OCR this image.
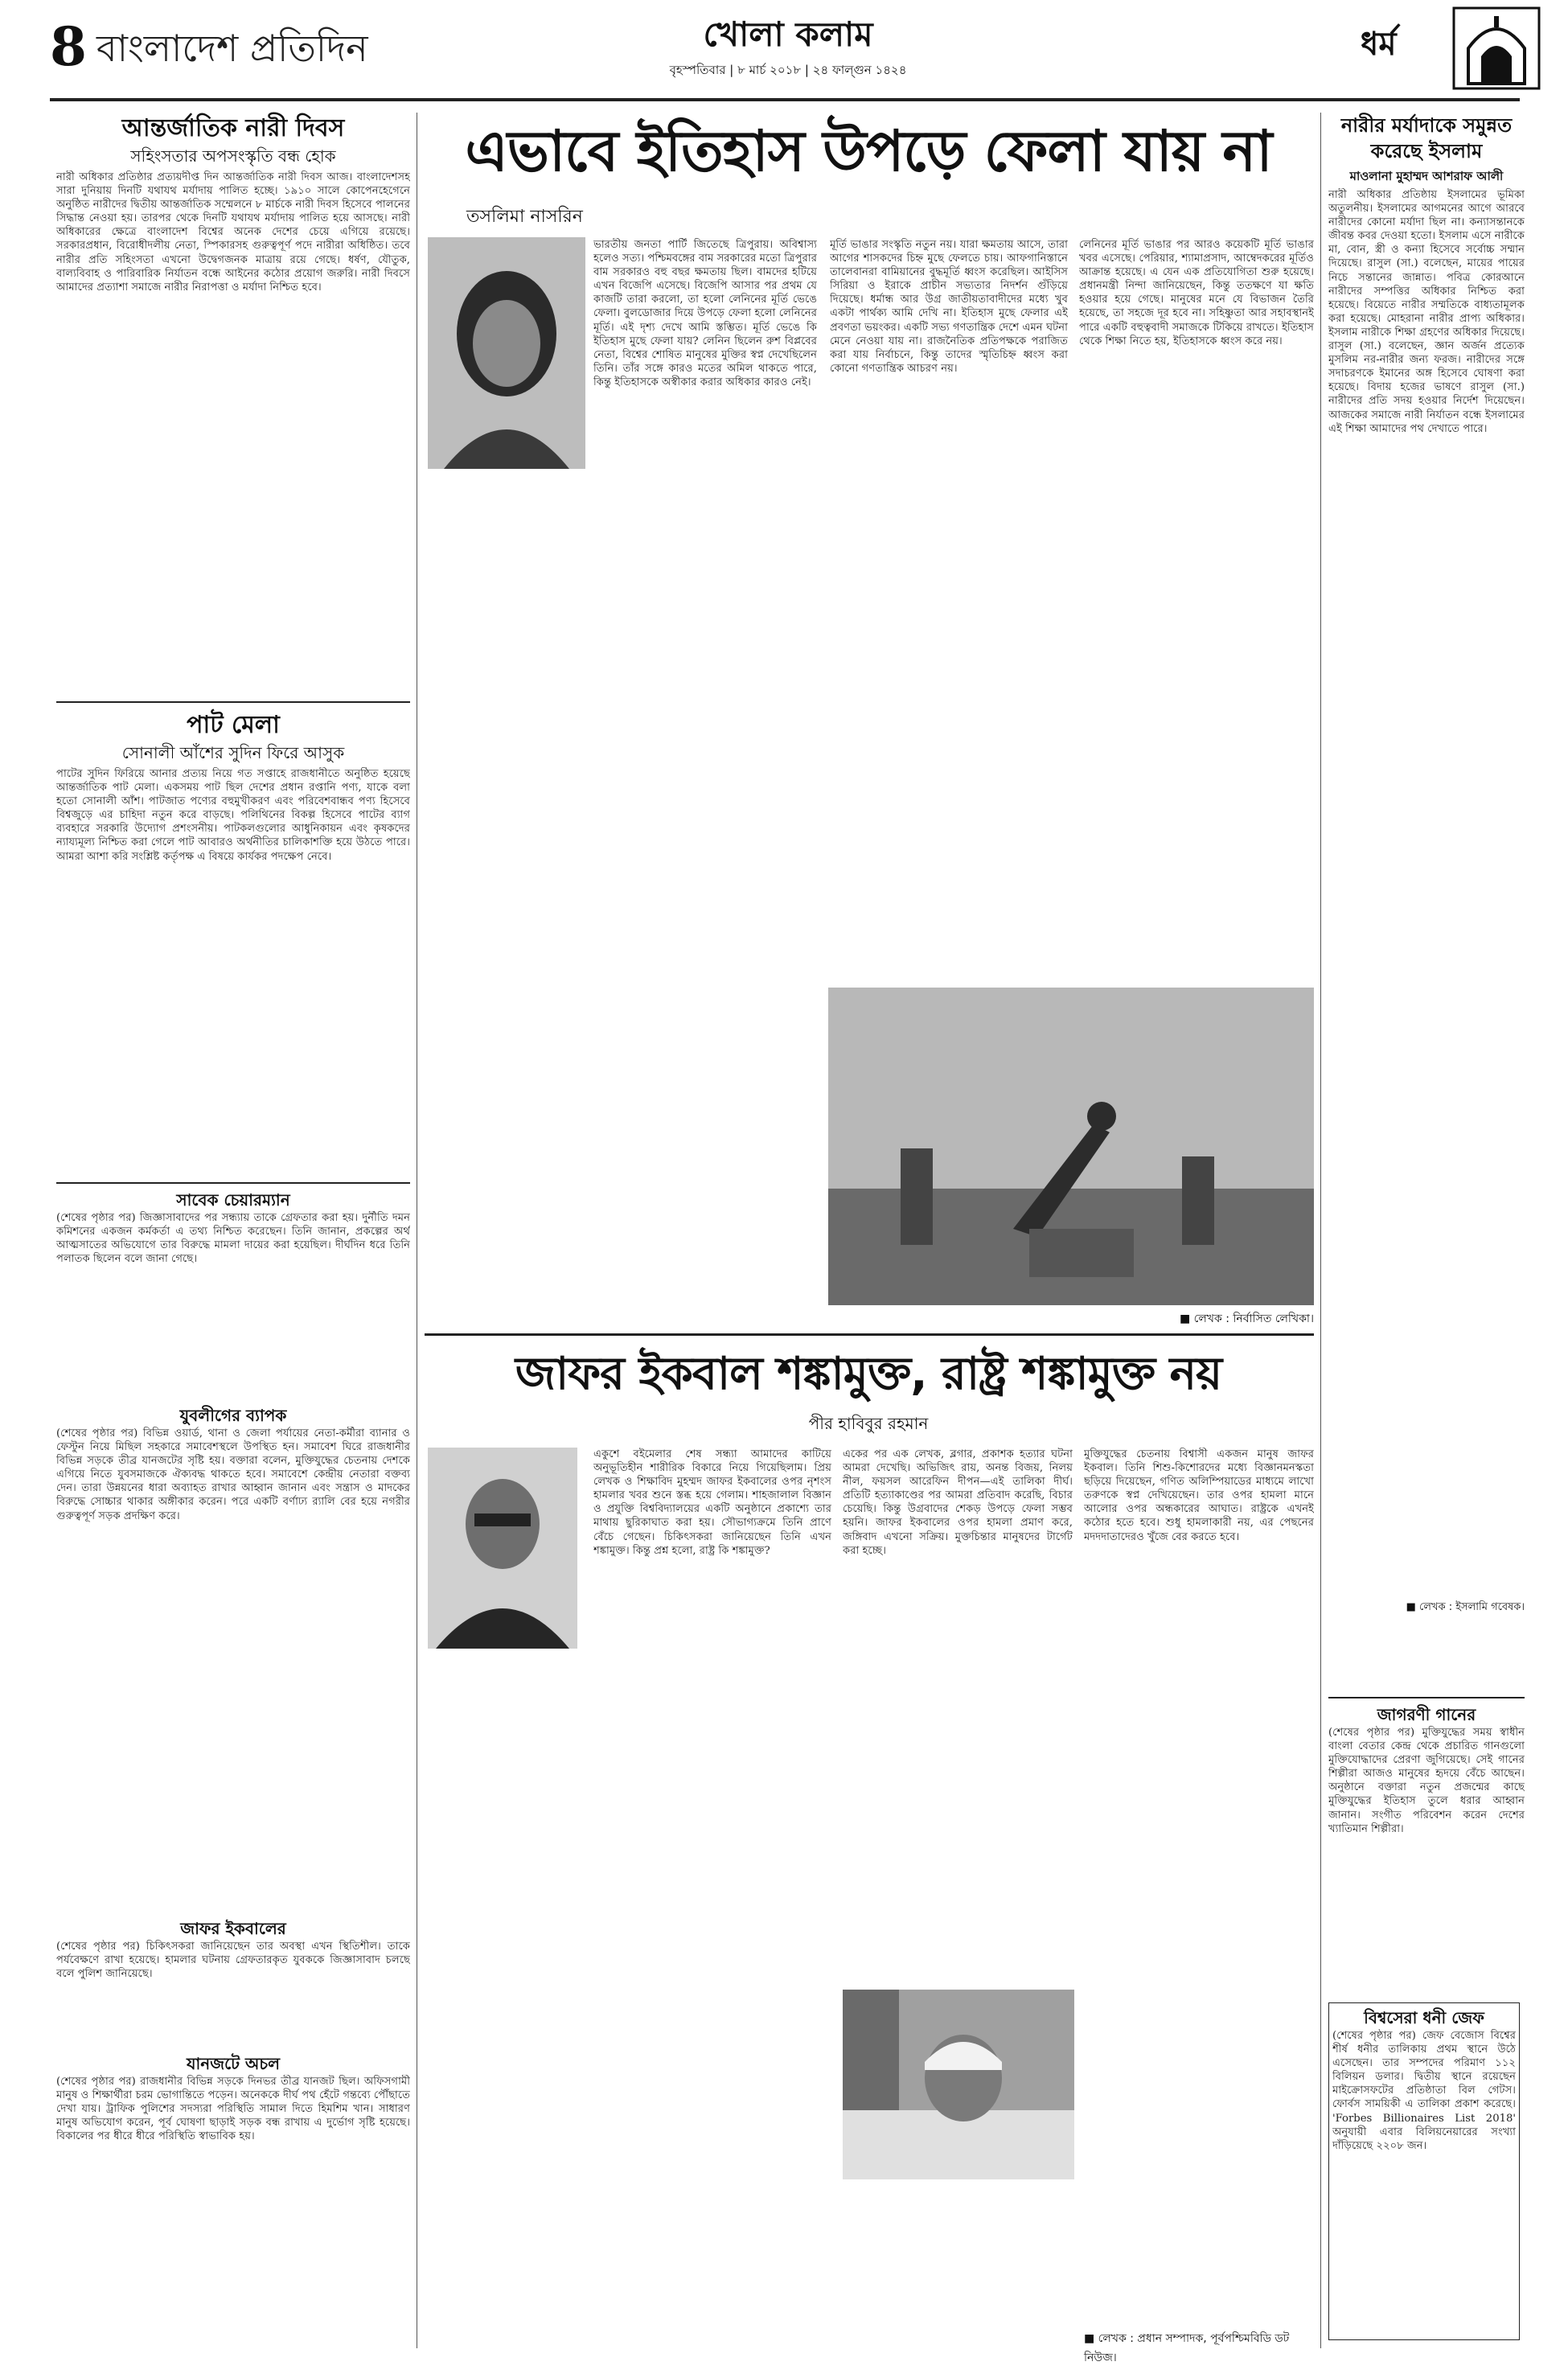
8 বাংলাদেশ প্রতিদিন	খোলা কলাম
বৃহস্পতিবার | ৮ মার্চ ২০১৮ | ২৪ ফাল্গুন ১৪২৪
ধর্ম
আন্তর্জাতিক নারী দিবস
সহিংসতার অপসংস্কৃতি বন্ধ হোক
নারী অধিকার প্রতিষ্ঠার প্রত্যয়দীপ্ত দিন আন্তর্জাতিক নারী দিবস আজ। বাংলাদেশসহ সারা দুনিয়ায় দিনটি যথাযথ মর্যাদায় পালিত হচ্ছে। ১৯১০ সালে কোপেনহেগেনে অনুষ্ঠিত নারীদের দ্বিতীয় আন্তর্জাতিক সম্মেলনে ৮ মার্চকে নারী দিবস হিসেবে পালনের সিদ্ধান্ত নেওয়া হয়। তারপর থেকে দিনটি যথাযথ মর্যাদায় পালিত হয়ে আসছে। নারী অধিকারের ক্ষেত্রে বাংলাদেশ বিশ্বের অনেক দেশের চেয়ে এগিয়ে রয়েছে। সরকারপ্রধান, বিরোধীদলীয় নেতা, স্পিকারসহ গুরুত্বপূর্ণ পদে নারীরা অধিষ্ঠিত। তবে নারীর প্রতি সহিংসতা এখনো উদ্বেগজনক মাত্রায় রয়ে গেছে। ধর্ষণ, যৌতুক, বাল্যবিবাহ ও পারিবারিক নির্যাতন বন্ধে আইনের কঠোর প্রয়োগ জরুরি। নারী দিবসে আমাদের প্রত্যাশা সমাজে নারীর নিরাপত্তা ও মর্যাদা নিশ্চিত হবে।
পাট মেলা
সোনালী আঁশের সুদিন ফিরে আসুক
পাটের সুদিন ফিরিয়ে আনার প্রত্যয় নিয়ে গত সপ্তাহে রাজধানীতে অনুষ্ঠিত হয়েছে আন্তর্জাতিক পাট মেলা। একসময় পাট ছিল দেশের প্রধান রপ্তানি পণ্য, যাকে বলা হতো সোনালী আঁশ। পাটজাত পণ্যের বহুমুখীকরণ এবং পরিবেশবান্ধব পণ্য হিসেবে বিশ্বজুড়ে এর চাহিদা নতুন করে বাড়ছে। পলিথিনের বিকল্প হিসেবে পাটের ব্যাগ ব্যবহারে সরকারি উদ্যোগ প্রশংসনীয়। পাটকলগুলোর আধুনিকায়ন এবং কৃষকদের ন্যায্যমূল্য নিশ্চিত করা গেলে পাট আবারও অর্থনীতির চালিকাশক্তি হয়ে উঠতে পারে। আমরা আশা করি সংশ্লিষ্ট কর্তৃপক্ষ এ বিষয়ে কার্যকর পদক্ষেপ নেবে।
সাবেক চেয়ারম্যান
(শেষের পৃষ্ঠার পর) জিজ্ঞাসাবাদের পর সন্ধ্যায় তাকে গ্রেফতার করা হয়। দুর্নীতি দমন কমিশনের একজন কর্মকর্তা এ তথ্য নিশ্চিত করেছেন। তিনি জানান, প্রকল্পের অর্থ আত্মসাতের অভিযোগে তার বিরুদ্ধে মামলা দায়ের করা হয়েছিল। দীর্ঘদিন ধরে তিনি পলাতক ছিলেন বলে জানা গেছে।
যুবলীগের ব্যাপক
(শেষের পৃষ্ঠার পর) বিভিন্ন ওয়ার্ড, থানা ও জেলা পর্যায়ের নেতা-কর্মীরা ব্যানার ও ফেস্টুন নিয়ে মিছিল সহকারে সমাবেশস্থলে উপস্থিত হন। সমাবেশ ঘিরে রাজধানীর বিভিন্ন সড়কে তীব্র যানজটের সৃষ্টি হয়। বক্তারা বলেন, মুক্তিযুদ্ধের চেতনায় দেশকে এগিয়ে নিতে যুবসমাজকে ঐক্যবদ্ধ থাকতে হবে। সমাবেশে কেন্দ্রীয় নেতারা বক্তব্য দেন। তারা উন্নয়নের ধারা অব্যাহত রাখার আহ্বান জানান এবং সন্ত্রাস ও মাদকের বিরুদ্ধে সোচ্চার থাকার অঙ্গীকার করেন। পরে একটি বর্ণাঢ্য র‍্যালি বের হয়ে নগরীর গুরুত্বপূর্ণ সড়ক প্রদক্ষিণ করে।
জাফর ইকবালের
(শেষের পৃষ্ঠার পর) চিকিৎসকরা জানিয়েছেন তার অবস্থা এখন স্থিতিশীল। তাকে পর্যবেক্ষণে রাখা হয়েছে। হামলার ঘটনায় গ্রেফতারকৃত যুবককে জিজ্ঞাসাবাদ চলছে বলে পুলিশ জানিয়েছে।
যানজটে অচল
(শেষের পৃষ্ঠার পর) রাজধানীর বিভিন্ন সড়কে দিনভর তীব্র যানজট ছিল। অফিসগামী মানুষ ও শিক্ষার্থীরা চরম ভোগান্তিতে পড়েন। অনেককে দীর্ঘ পথ হেঁটে গন্তব্যে পৌঁছাতে দেখা যায়। ট্রাফিক পুলিশের সদস্যরা পরিস্থিতি সামাল দিতে হিমশিম খান। সাধারণ মানুষ অভিযোগ করেন, পূর্ব ঘোষণা ছাড়াই সড়ক বন্ধ রাখায় এ দুর্ভোগ সৃষ্টি হয়েছে। বিকালের পর ধীরে ধীরে পরিস্থিতি স্বাভাবিক হয়।
এভাবে ইতিহাস উপড়ে ফেলা যায় না
তসলিমা নাসরিন
ভারতীয় জনতা পার্টি জিতেছে ত্রিপুরায়। অবিশ্বাস্য হলেও সত্য। পশ্চিমবঙ্গের বাম সরকারের মতো ত্রিপুরার বাম সরকারও বহু বছর ক্ষমতায় ছিল। বামদের হটিয়ে এখন বিজেপি এসেছে। বিজেপি আসার পর প্রথম যে কাজটি তারা করলো, তা হলো লেনিনের মূর্তি ভেঙে ফেলা। বুলডোজার দিয়ে উপড়ে ফেলা হলো লেনিনের মূর্তি। এই দৃশ্য দেখে আমি স্তম্ভিত। মূর্তি ভেঙে কি ইতিহাস মুছে ফেলা যায়? লেনিন ছিলেন রুশ বিপ্লবের নেতা, বিশ্বের শোষিত মানুষের মুক্তির স্বপ্ন দেখেছিলেন তিনি। তাঁর সঙ্গে কারও মতের অমিল থাকতে পারে, কিন্তু ইতিহাসকে অস্বীকার করার অধিকার কারও নেই।
মূর্তি ভাঙার সংস্কৃতি নতুন নয়। যারা ক্ষমতায় আসে, তারা আগের শাসকদের চিহ্ন মুছে ফেলতে চায়। আফগানিস্তানে তালেবানরা বামিয়ানের বুদ্ধমূর্তি ধ্বংস করেছিল। আইসিস সিরিয়া ও ইরাকে প্রাচীন সভ্যতার নিদর্শন গুঁড়িয়ে দিয়েছে। ধর্মান্ধ আর উগ্র জাতীয়তাবাদীদের মধ্যে খুব একটা পার্থক্য আমি দেখি না। ইতিহাস মুছে ফেলার এই প্রবণতা ভয়ংকর। একটি সভ্য গণতান্ত্রিক দেশে এমন ঘটনা মেনে নেওয়া যায় না। রাজনৈতিক প্রতিপক্ষকে পরাজিত করা যায় নির্বাচনে, কিন্তু তাদের স্মৃতিচিহ্ন ধ্বংস করা কোনো গণতান্ত্রিক আচরণ নয়।
লেনিনের মূর্তি ভাঙার পর আরও কয়েকটি মূর্তি ভাঙার খবর এসেছে। পেরিয়ার, শ্যামাপ্রসাদ, আম্বেদকরের মূর্তিও আক্রান্ত হয়েছে। এ যেন এক প্রতিযোগিতা শুরু হয়েছে। প্রধানমন্ত্রী নিন্দা জানিয়েছেন, কিন্তু ততক্ষণে যা ক্ষতি হওয়ার হয়ে গেছে। মানুষের মনে যে বিভাজন তৈরি হয়েছে, তা সহজে দূর হবে না। সহিষ্ণুতা আর সহাবস্থানই পারে একটি বহুত্ববাদী সমাজকে টিকিয়ে রাখতে। ইতিহাস থেকে শিক্ষা নিতে হয়, ইতিহাসকে ধ্বংস করে নয়।
■ লেখক : নির্বাসিত লেখিকা।
জাফর ইকবাল শঙ্কামুক্ত, রাষ্ট্র শঙ্কামুক্ত নয়
পীর হাবিবুর রহমান
একুশে বইমেলার শেষ সন্ধ্যা আমাদের কাটিয়ে অনুভূতিহীন শারীরিক বিকারে নিয়ে গিয়েছিলাম। প্রিয় লেখক ও শিক্ষাবিদ মুহম্মদ জাফর ইকবালের ওপর নৃশংস হামলার খবর শুনে স্তব্ধ হয়ে গেলাম। শাহজালাল বিজ্ঞান ও প্রযুক্তি বিশ্ববিদ্যালয়ের একটি অনুষ্ঠানে প্রকাশ্যে তার মাথায় ছুরিকাঘাত করা হয়। সৌভাগ্যক্রমে তিনি প্রাণে বেঁচে গেছেন। চিকিৎসকরা জানিয়েছেন তিনি এখন শঙ্কামুক্ত। কিন্তু প্রশ্ন হলো, রাষ্ট্র কি শঙ্কামুক্ত?
একের পর এক লেখক, ব্লগার, প্রকাশক হত্যার ঘটনা আমরা দেখেছি। অভিজিৎ রায়, অনন্ত বিজয়, নিলয় নীল, ফয়সল আরেফিন দীপন—এই তালিকা দীর্ঘ। প্রতিটি হত্যাকাণ্ডের পর আমরা প্রতিবাদ করেছি, বিচার চেয়েছি। কিন্তু উগ্রবাদের শেকড় উপড়ে ফেলা সম্ভব হয়নি। জাফর ইকবালের ওপর হামলা প্রমাণ করে, জঙ্গিবাদ এখনো সক্রিয়। মুক্তচিন্তার মানুষদের টার্গেট করা হচ্ছে।
মুক্তিযুদ্ধের চেতনায় বিশ্বাসী একজন মানুষ জাফর ইকবাল। তিনি শিশু-কিশোরদের মধ্যে বিজ্ঞানমনস্কতা ছড়িয়ে দিয়েছেন, গণিত অলিম্পিয়াডের মাধ্যমে লাখো তরুণকে স্বপ্ন দেখিয়েছেন। তার ওপর হামলা মানে আলোর ওপর অন্ধকারের আঘাত। রাষ্ট্রকে এখনই কঠোর হতে হবে। শুধু হামলাকারী নয়, এর পেছনের মদদদাতাদেরও খুঁজে বের করতে হবে।
■ লেখক : প্রধান সম্পাদক, পূর্বপশ্চিমবিডি ডট নিউজ।
নারীর মর্যাদাকে সমুন্নত করেছে ইসলাম
মাওলানা মুহাম্মদ আশরাফ আলী
নারী অধিকার প্রতিষ্ঠায় ইসলামের ভূমিকা অতুলনীয়। ইসলামের আগমনের আগে আরবে নারীদের কোনো মর্যাদা ছিল না। কন্যাসন্তানকে জীবন্ত কবর দেওয়া হতো। ইসলাম এসে নারীকে মা, বোন, স্ত্রী ও কন্যা হিসেবে সর্বোচ্চ সম্মান দিয়েছে। রাসুল (সা.) বলেছেন, মায়ের পায়ের নিচে সন্তানের জান্নাত। পবিত্র কোরআনে নারীদের সম্পত্তির অধিকার নিশ্চিত করা হয়েছে। বিয়েতে নারীর সম্মতিকে বাধ্যতামূলক করা হয়েছে। মোহরানা নারীর প্রাপ্য অধিকার। ইসলাম নারীকে শিক্ষা গ্রহণের অধিকার দিয়েছে। রাসুল (সা.) বলেছেন, জ্ঞান অর্জন প্রত্যেক মুসলিম নর-নারীর জন্য ফরজ। নারীদের সঙ্গে সদাচরণকে ইমানের অঙ্গ হিসেবে ঘোষণা করা হয়েছে। বিদায় হজের ভাষণে রাসুল (সা.) নারীদের প্রতি সদয় হওয়ার নির্দেশ দিয়েছেন। আজকের সমাজে নারী নির্যাতন বন্ধে ইসলামের এই শিক্ষা আমাদের পথ দেখাতে পারে।
■ লেখক : ইসলামি গবেষক।
জাগরণী গানের
(শেষের পৃষ্ঠার পর) মুক্তিযুদ্ধের সময় স্বাধীন বাংলা বেতার কেন্দ্র থেকে প্রচারিত গানগুলো মুক্তিযোদ্ধাদের প্রেরণা জুগিয়েছে। সেই গানের শিল্পীরা আজও মানুষের হৃদয়ে বেঁচে আছেন। অনুষ্ঠানে বক্তারা নতুন প্রজন্মের কাছে মুক্তিযুদ্ধের ইতিহাস তুলে ধরার আহ্বান জানান। সংগীত পরিবেশন করেন দেশের খ্যাতিমান শিল্পীরা।
বিশ্বসেরা ধনী জেফ
(শেষের পৃষ্ঠার পর) জেফ বেজোস বিশ্বের শীর্ষ ধনীর তালিকায় প্রথম স্থানে উঠে এসেছেন। তার সম্পদের পরিমাণ ১১২ বিলিয়ন ডলার। দ্বিতীয় স্থানে রয়েছেন মাইক্রোসফটের প্রতিষ্ঠাতা বিল গেটস। ফোর্বস সাময়িকী এ তালিকা প্রকাশ করেছে। 'Forbes Billionaires List 2018' অনুযায়ী এবার বিলিয়নেয়ারের সংখ্যা দাঁড়িয়েছে ২২০৮ জন।
